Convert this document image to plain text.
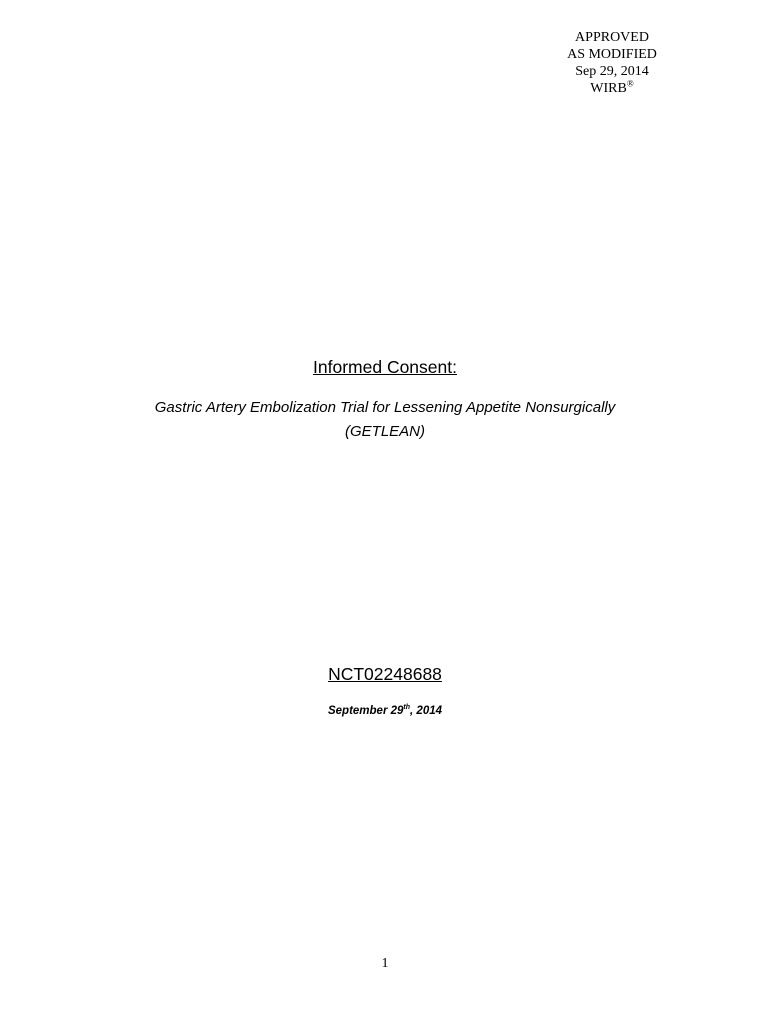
APPROVED
AS MODIFIED
Sep 29, 2014
WIRB®
Informed Consent:
Gastric Artery Embolization Trial for Lessening Appetite Nonsurgically
(GETLEAN)
NCT02248688
September 29th, 2014
1
